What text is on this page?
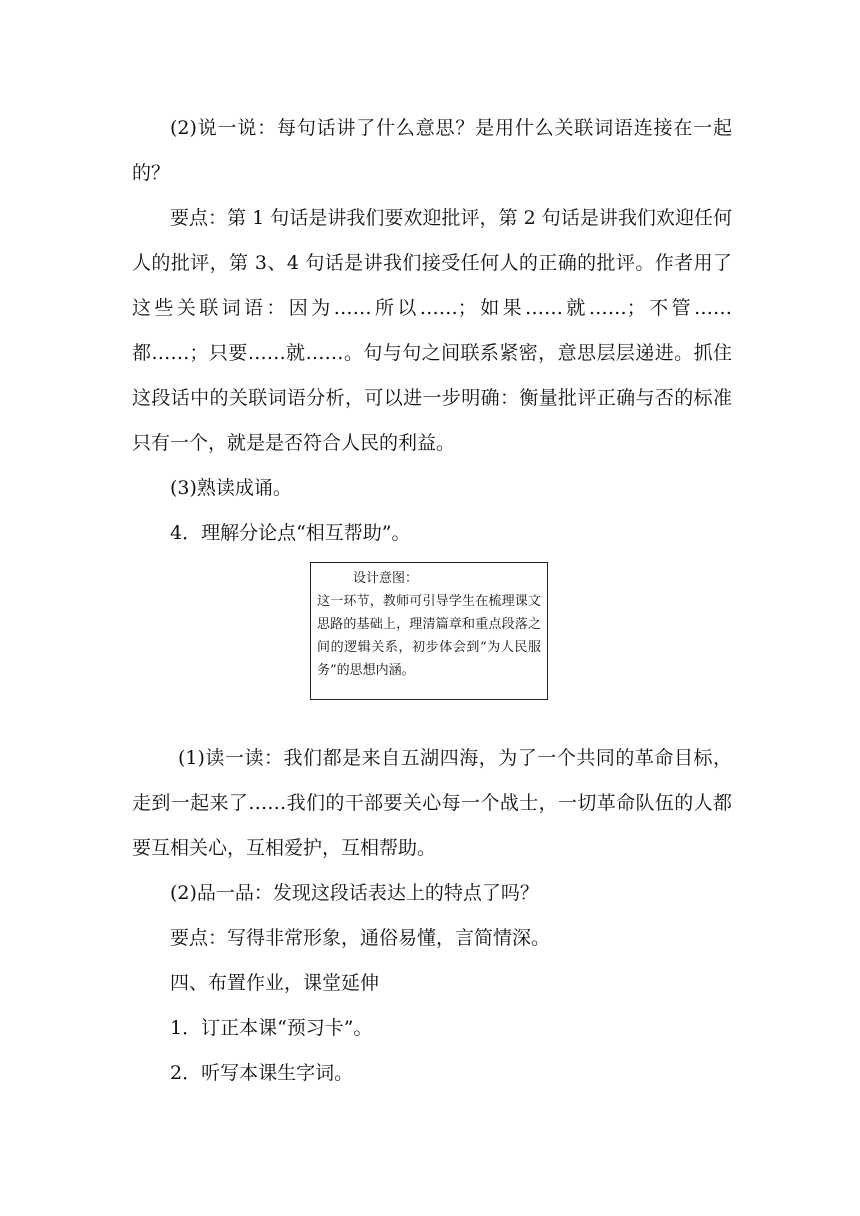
(2)说一说：每句话讲了什么意思？是用什么关联词语连接在一起的？

要点：第 1 句话是讲我们要欢迎批评，第 2 句话是讲我们欢迎任何人的批评，第 3、4 句话是讲我们接受任何人的正确的批评。作者用了这些关联词语：因为……所以……；如果……就……；不管……都……；只要……就……。句与句之间联系紧密，意思层层递进。抓住这段话中的关联词语分析，可以进一步明确：衡量批评正确与否的标准只有一个，就是是否符合人民的利益。

(3)熟读成诵。

4．理解分论点“相互帮助”。

设计意图：
这一环节，教师可引导学生在梳理课文思路的基础上，理清篇章和重点段落之间的逻辑关系，初步体会到“为人民服务”的思想内涵。

(1)读一读：我们都是来自五湖四海，为了一个共同的革命目标，走到一起来了……我们的干部要关心每一个战士，一切革命队伍的人都要互相关心，互相爱护，互相帮助。

(2)品一品：发现这段话表达上的特点了吗？

要点：写得非常形象，通俗易懂，言简情深。

四、布置作业，课堂延伸

1．订正本课“预习卡”。

2．听写本课生字词。
